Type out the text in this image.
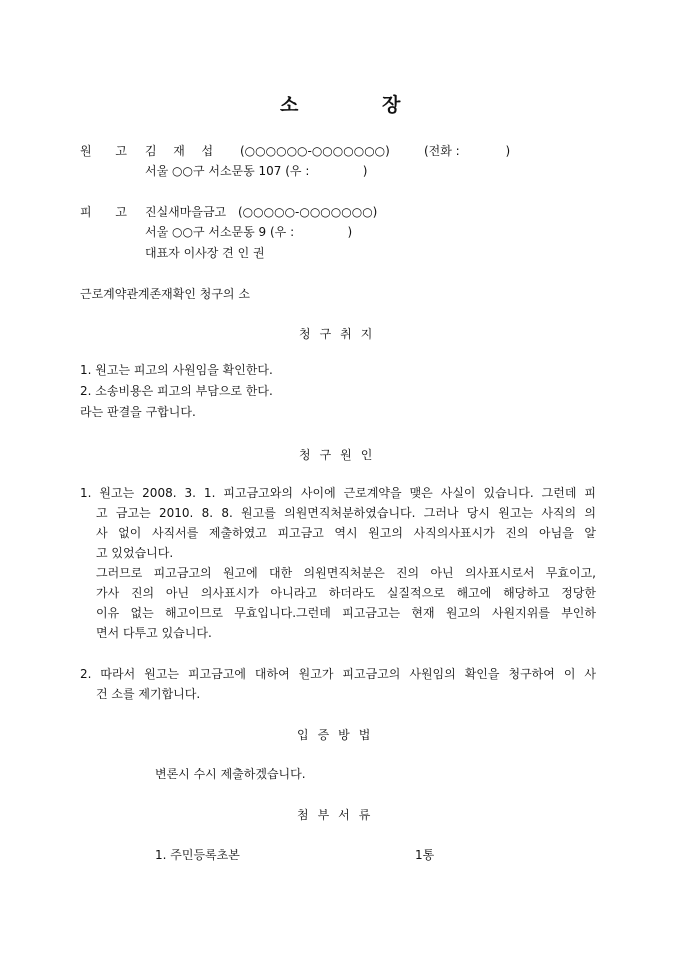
소	장
원 고 김  재  섭 (○○○○○○-○○○○○○○)	(전화 :            )
서울 ○○구 서소문동 107 (우 :              )
피 고 진실새마을금고 (○○○○○-○○○○○○○)
서울 ○○구 서소문동 9 (우 :              )
대표자 이사장 견 인 권
근로계약관계존재확인 청구의 소
청구취지
1. 원고는 피고의 사원임을 확인한다.
2. 소송비용은 피고의 부담으로 한다.
라는 판결을 구합니다.
청구원인
1. 원고는 2008. 3. 1. 피고금고와의 사이에 근로계약을 맺은 사실이 있습니다. 그런데 피
고 금고는 2010. 8. 8. 원고를 의원면직처분하였습니다. 그러나 당시 원고는 사직의 의
사 없이 사직서를 제출하였고 피고금고 역시 원고의 사직의사표시가 진의 아님을 알
고 있었습니다.
그러므로 피고금고의 원고에 대한 의원면직처분은 진의 아닌 의사표시로서 무효이고,
가사 진의 아닌 의사표시가 아니라고 하더라도 실질적으로 해고에 해당하고 정당한
이유 없는 해고이므로 무효입니다.그런데 피고금고는 현재 원고의 사원지위를 부인하
면서 다투고 있습니다.
2. 따라서 원고는 피고금고에 대하여 원고가 피고금고의 사원임의 확인을 청구하여 이 사
건 소를 제기합니다.
입증방법
변론시 수시 제출하겠습니다.
첨부서류
1. 주민등록초본	1통
